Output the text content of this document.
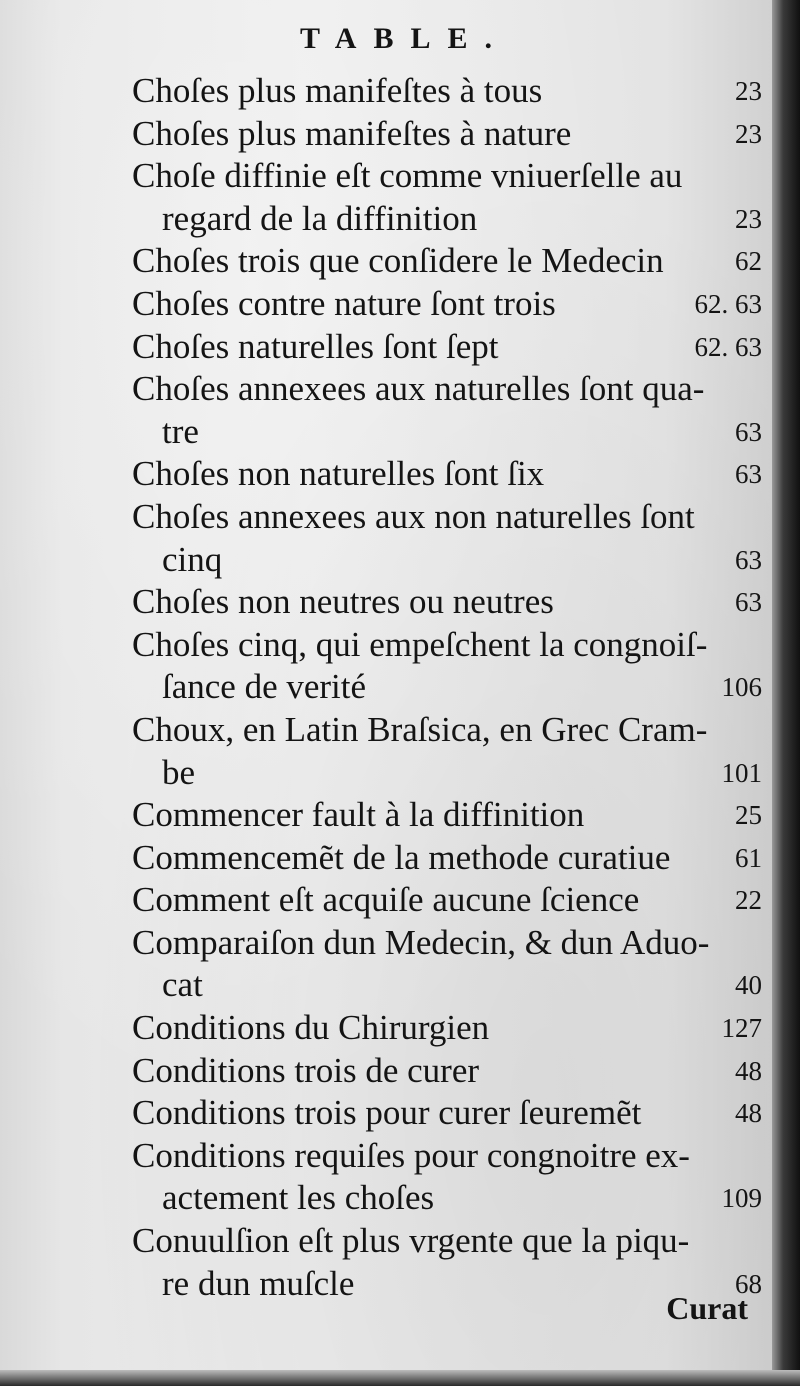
TABLE.
Choſes plus manifeſtes à tous	23
Choſes plus manifeſtes à nature	23
Choſe diffinie eſt comme vniuerſelle au
regard de la diffinition	23
Choſes trois que conſidere le Medecin	62
Choſes contre nature ſont trois	62. 63
Choſes naturelles ſont ſept	62. 63
Choſes annexees aux naturelles ſont qua-
tre	63
Choſes non naturelles ſont ſix	63
Choſes annexees aux non naturelles ſont
cinq	63
Choſes non neutres ou neutres	63
Choſes cinq, qui empeſchent la congnoiſ-
ſance de verité	106
Choux, en Latin Braſsica, en Grec Cram-
be	101
Commencer fault à la diffinition	25
Commencemẽt de la methode curatiue 61
Comment eſt acquiſe aucune ſcience	22
Comparaiſon dun Medecin, & dun Aduo-
cat	40
Conditions du Chirurgien	127
Conditions trois de curer	48
Conditions trois pour curer ſeuremẽt	48
Conditions requiſes pour congnoitre ex-
actement les choſes	109
Conuulſion eſt plus vrgente que la piqu-
re dun muſcle	68
Curat
